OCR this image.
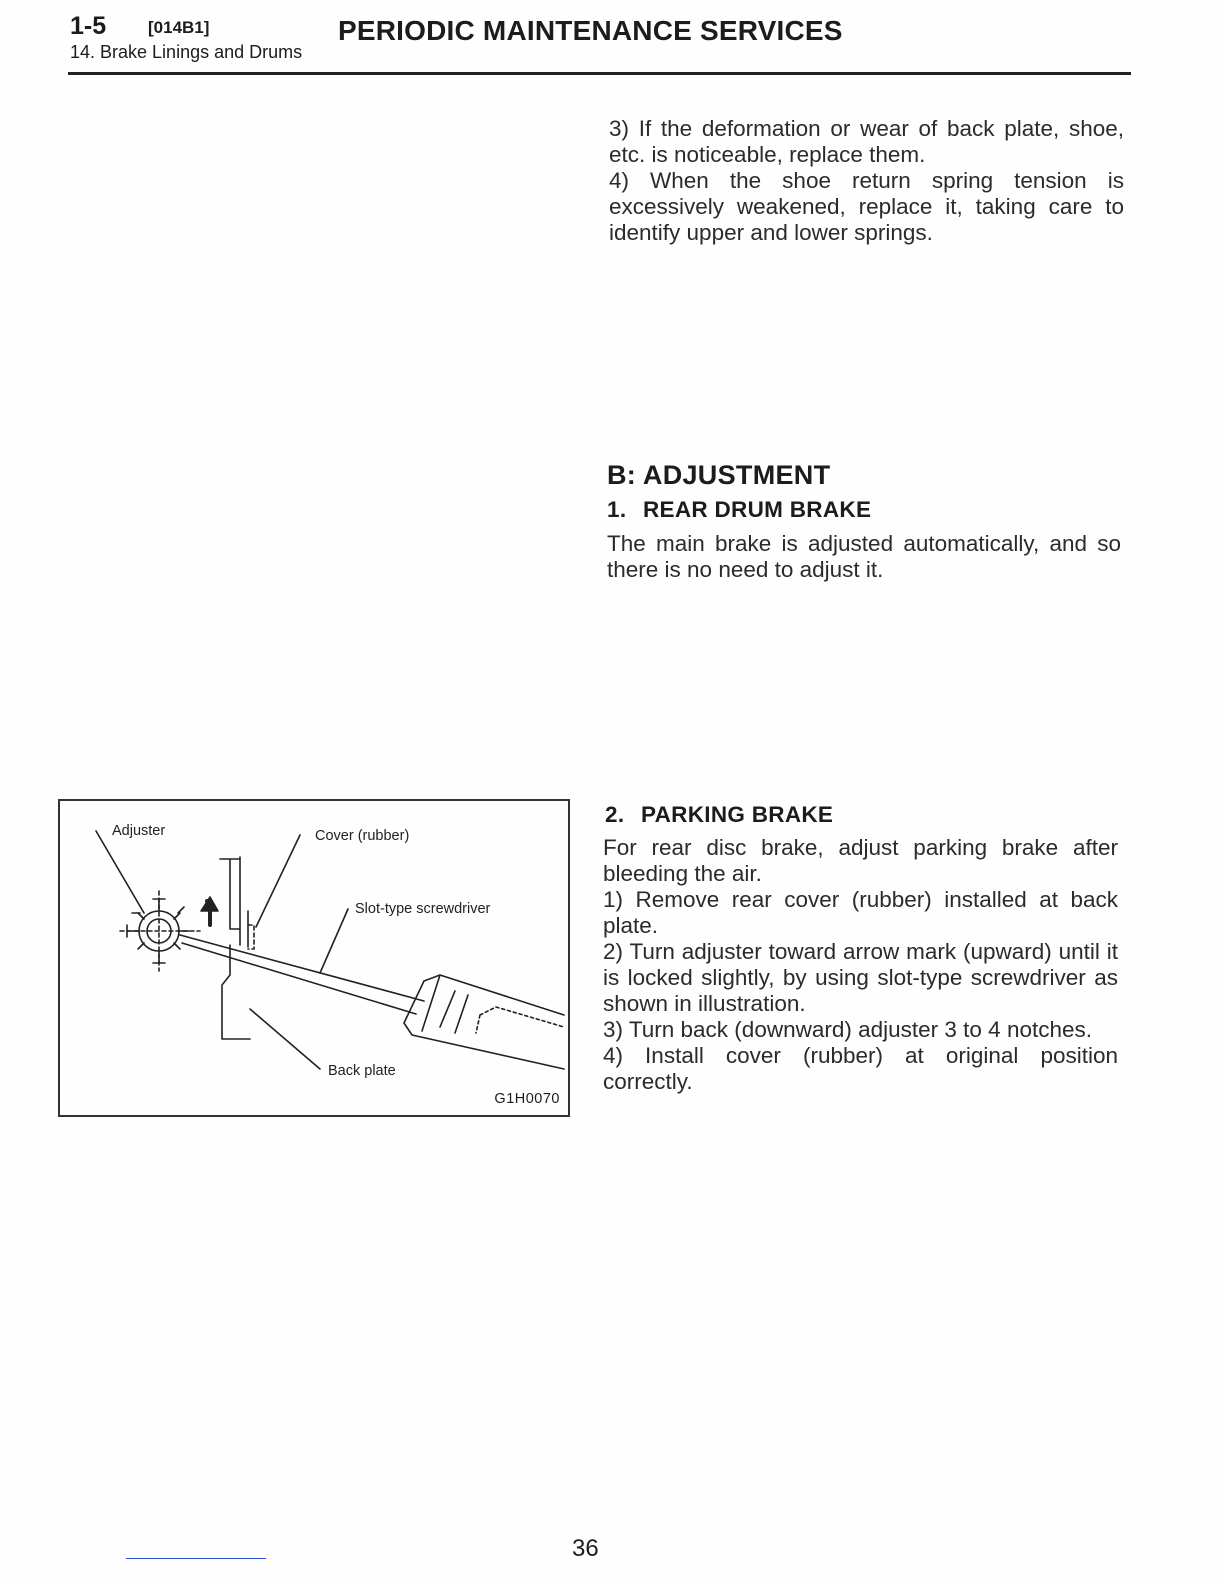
1-5 [014B1]	PERIODIC MAINTENANCE SERVICES
14. Brake Linings and Drums

3) If the deformation or wear of back plate, shoe, etc. is noticeable, replace them.

4) When the shoe return spring tension is excessively weakened, replace it, taking care to identify upper and lower springs.

B: ADJUSTMENT
1. REAR DRUM BRAKE

The main brake is adjusted automatically, and so there is no need to adjust it.

2. PARKING BRAKE

For rear disc brake, adjust parking brake after bleeding the air.

1) Remove rear cover (rubber) installed at back plate.

2) Turn adjuster toward arrow mark (upward) until it is locked slightly, by using slot-type screwdriver as shown in illustration.

3) Turn back (downward) adjuster 3 to 4 notches.

4) Install cover (rubber) at original position correctly.

Adjuster	Cover (rubber)
Slot-type screwdriver
Back plate
G1H0070
36
